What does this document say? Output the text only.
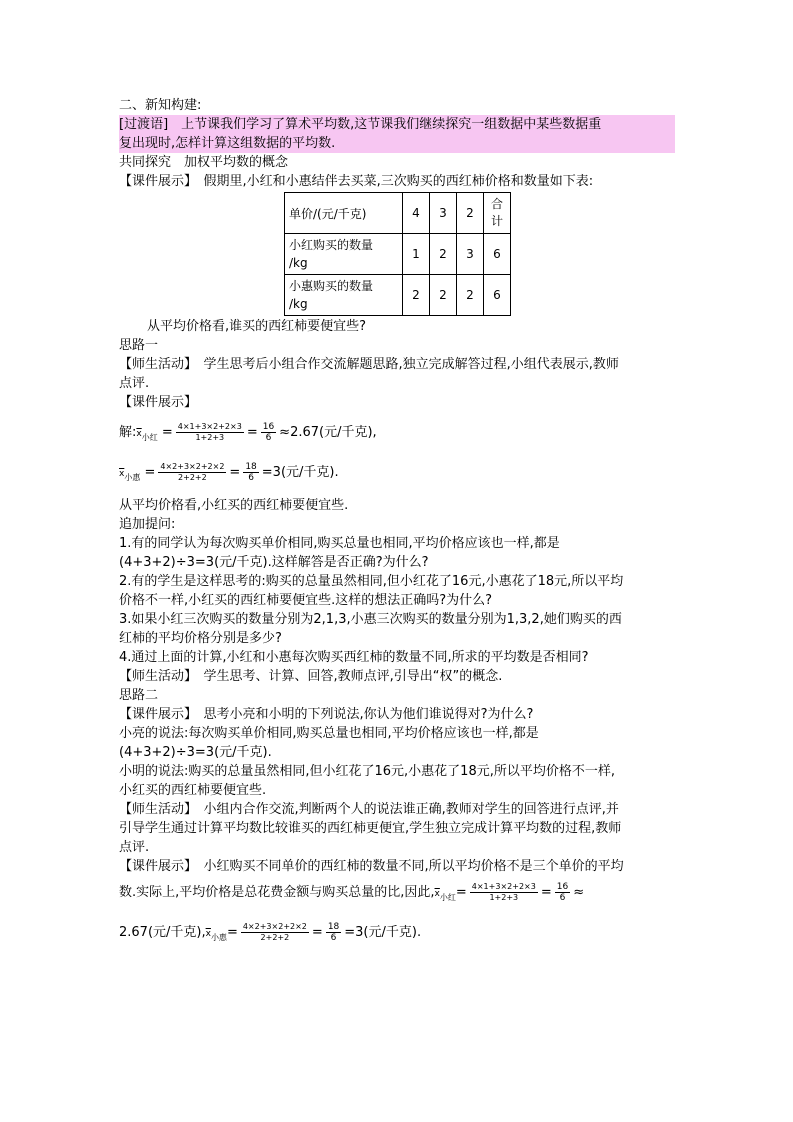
二、新知构建:

[过渡语]　上节课我们学习了算术平均数,这节课我们继续探究一组数据中某些数据重

复出现时,怎样计算这组数据的平均数.

共同探究　加权平均数的概念
【课件展示】　假期里,小红和小惠结伴去买菜,三次购买的西红柿价格和数量如下表:
单价/(元/千克)	4	3	2	合
计
小红购买的数量
/kg	1	2	3	6
小惠购买的数量
/kg	2	2	2	6
从平均价格看,谁买的西红柿要便宜些?
思路一
【师生活动】　学生思考后小组合作交流解题思路,独立完成解答过程,小组代表展示,教师
点评.
【课件展示】
解$:\overline{x}_{小红} = \frac{4\times 1+3\times 2+2\times 3}{1+2+3} = \frac{16}{6} \approx 2.67$(元/千克),
$\overline{x}_{小惠} = \frac{4\times 2+3\times 2+2\times 2}{2+2+2} = \frac{18}{6} =3$(元/千克).
从平均价格看,小红买的西红柿要便宜些.
追加提问:
1.有的同学认为每次购买单价相同,购买总量也相同,平均价格应该也一样,都是
(4+3+2)÷3=3(元/千克).这样解答是否正确?为什么?
2.有的学生是这样思考的:购买的总量虽然相同,但小红花了16元,小惠花了18元,所以平均
价格不一样,小红买的西红柿要便宜些.这样的想法正确吗?为什么?
3.如果小红三次购买的数量分别为2,1,3,小惠三次购买的数量分别为1,3,2,她们购买的西
红柿的平均价格分别是多少?
4.通过上面的计算,小红和小惠每次购买西红柿的数量不同,所求的平均数是否相同?
【师生活动】　学生思考、计算、回答,教师点评,引导出“权”的概念.
思路二
【课件展示】　思考小亮和小明的下列说法,你认为他们谁说得对?为什么?
小亮的说法:每次购买单价相同,购买总量也相同,平均价格应该也一样,都是
(4+3+2)÷3=3(元/千克).
小明的说法:购买的总量虽然相同,但小红花了16元,小惠花了18元,所以平均价格不一样,
小红买的西红柿要便宜些.
【师生活动】　小组内合作交流,判断两个人的说法谁正确,教师对学生的回答进行点评,并
引导学生通过计算平均数比较谁买的西红柿更便宜,学生独立完成计算平均数的过程,教师
点评.
【课件展示】　小红购买不同单价的西红柿的数量不同,所以平均价格不是三个单价的平均
数.实际上,平均价格是总花费金额与购买总量的比,因此$,\overline{x}_{小红}= \frac{4\times 1+3\times 2+2\times 3}{1+2+3} = \frac{16}{6}$ ≈
2.67(元/千克)$,\overline{x}_{小惠}= \frac{4\times 2+3\times 2+2\times 2}{2+2+2} = \frac{18}{6} =3$(元/千克).
